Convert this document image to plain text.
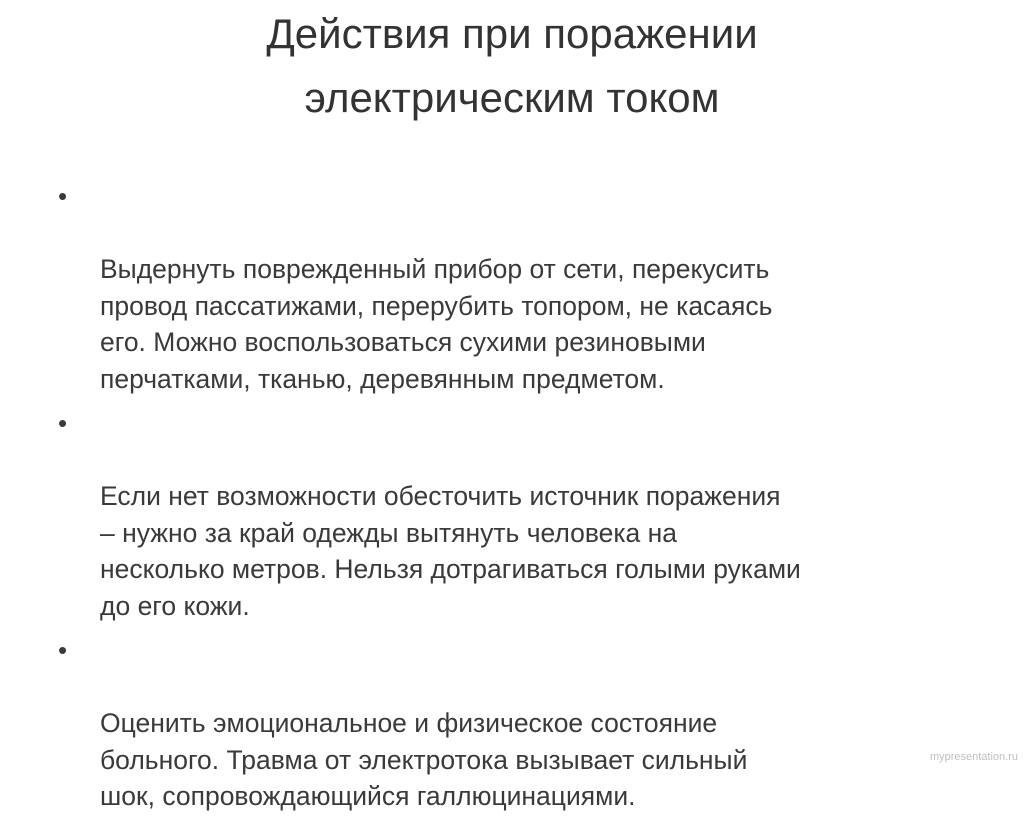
Действия при поражении
электрическим током

•

Выдернуть поврежденный прибор от сети, перекусить
провод пассатижами, перерубить топором, не касаясь
его. Можно воспользоваться сухими резиновыми
перчатками, тканью, деревянным предметом.

•

Если нет возможности обесточить источник поражения
– нужно за край одежды вытянуть человека на
несколько метров. Нельзя дотрагиваться голыми руками
до его кожи.

•

Оценить эмоциональное и физическое состояние
больного. Травма от электротока вызывает сильный
шок, сопровождающийся галлюцинациями.

mypresentation.ru
